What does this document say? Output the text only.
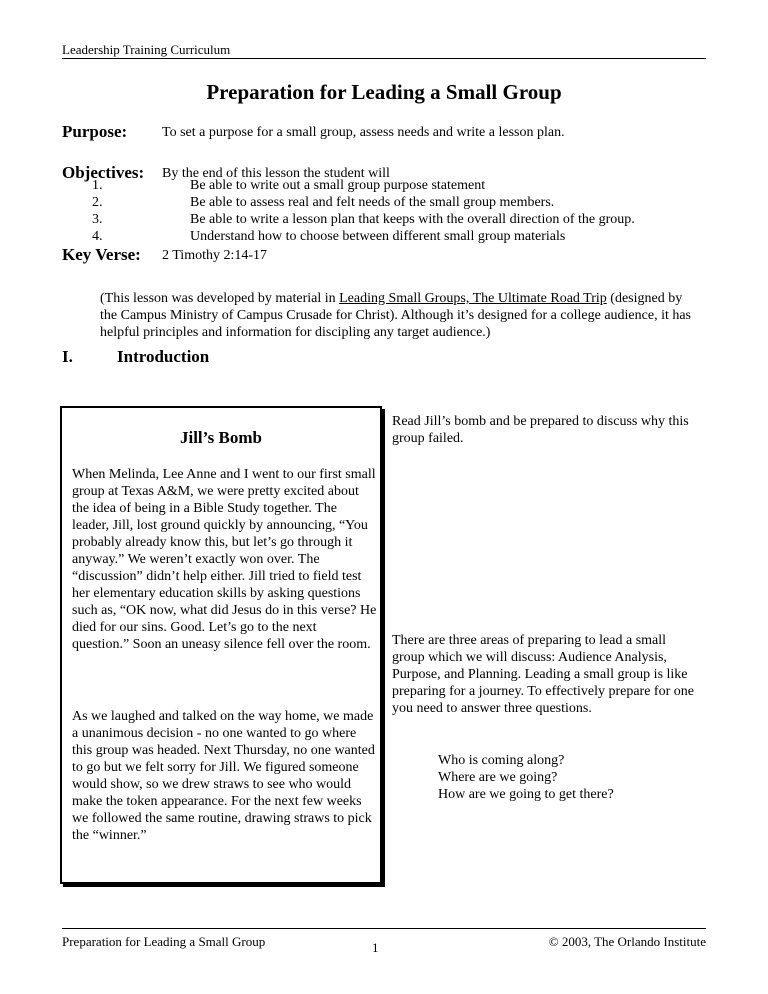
Leadership Training Curriculum
Preparation for Leading a Small Group
Purpose: To set a purpose for a small group, assess needs and write a lesson plan.
Objectives: By the end of this lesson the student will
1.	Be able to write out a small group purpose statement
2.	Be able to assess real and felt needs of the small group members.
3.	Be able to write a lesson plan that keeps with the overall direction of the group.
4.	Understand how to choose between different small group materials
Key Verse: 2 Timothy 2:14-17
(This lesson was developed by material in Leading Small Groups, The Ultimate Road Trip (designed by the Campus Ministry of Campus Crusade for Christ). Although it’s designed for a college audience, it has helpful principles and information for discipling any target audience.)
I.	Introduction
Jill’s Bomb
When Melinda, Lee Anne and I went to our first small group at Texas A&M, we were pretty excited about the idea of being in a Bible Study together. The leader, Jill, lost ground quickly by announcing, “You probably already know this, but let’s go through it anyway.” We weren’t exactly won over. The “discussion” didn’t help either. Jill tried to field test her elementary education skills by asking questions such as, “OK now, what did Jesus do in this verse? He died for our sins. Good. Let’s go to the next question.” Soon an uneasy silence fell over the room.
As we laughed and talked on the way home, we made a unanimous decision - no one wanted to go where this group was headed. Next Thursday, no one wanted to go but we felt sorry for Jill. We figured someone would show, so we drew straws to see who would make the token appearance. For the next few weeks we followed the same routine, drawing straws to pick the “winner.”
Read Jill’s bomb and be prepared to discuss why this group failed.
There are three areas of preparing to lead a small group which we will discuss: Audience Analysis, Purpose, and Planning. Leading a small group is like preparing for a journey. To effectively prepare for one you need to answer three questions.
Who is coming along?
Where are we going?
How are we going to get there?
Preparation for Leading a Small Group	1	© 2003, The Orlando Institute
